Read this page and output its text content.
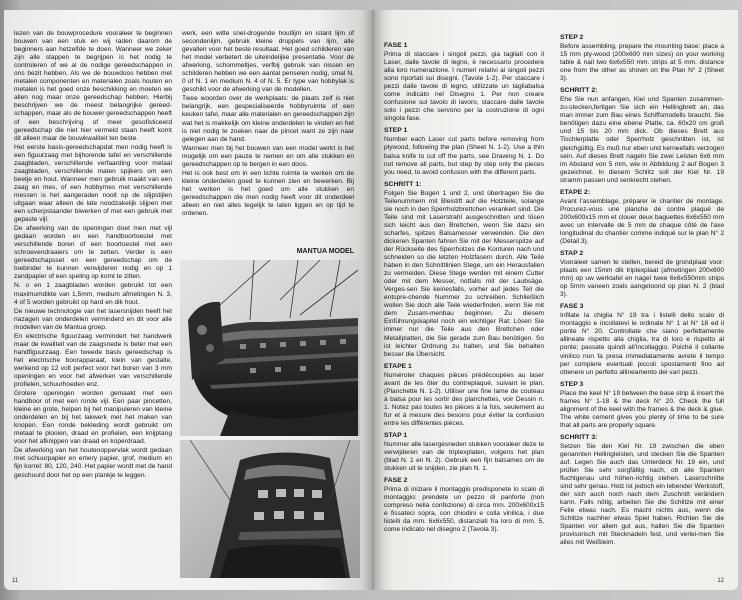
lezen van de bouwprocedure vooraleer te beginnen bouwen van een stuk en wij raden daarom de beginners aan hetzelfde te doen. Wanneer we zeker zijn alle stappen te begrijpen is het nodig te controleren of we al de nodige gereedschappen in ons bezit hebben. Als we de bouwdoos hebben met metalen componenten en materialen zoals houten en metalen is het goed onze beschikking en moeten we allen nog maar onze gereedschap hebben. Hierbij beschrijven we de meest belangrijke gereed-schappen, maar als de bouwer gereedschappen heeft of een beschrijving of meer gesofisticeerd gereedschap die niet hier vermeld staan heeft komt dit alleen maar de bouwkwaliteit ten beste.

Het eerste basis-gereedschapdat men nodig heeft is een figuurzaag met bijhorende tafel en verschillende zaagbladen, verschillende verfaarding voor metaal zaagbladen, verschillende maten spijkers om een beetje en hout. Wanneer men gebruik maakt van een zaag en mes, of een hobbymes met verschillende messen is het aangeraden nooit op de slijpstijlen uitgaan waar alleen de late noodzakelijk slijpen met een scherpstaander biwerken of met een gebruik met gepaste vijl.

De afwerking van de openingen doet men met vijl gedaan worden en een handboortoestel met verschillende boren of een boortoestel met een schroevendraaiers om te zetten. Verder is een gereedschapsset en een gereedschap om de toebinder te kunnen verwijderen nodig en op 1 zandpapier of een speling op komt te zitten.

N. o en 1 zaagbladen worden gebruikt tot een maximumdikte van 1,5mm, medium afmetingen N. 3, 4 of 5 worden gebruikt op hard en dik hout.

De nieuwe technologie van het lasersnijden heeft het nazagen van onderdelen verminderd en dit voor alle modellen van de Mantua groep.

En electrische figuurzaag vermindert het handwerk maar de kwaliteit van de zaagsnede is beter met een handfiguurzaag. Een tweede basis gereedschap is het electrische boorapparaat, klein van gestalte, werkend op 12 volt perfect voor het boren van 3 mm openingen en voor het afwerken van verschillende profielen, schuurhoeden enz.

Grotere openingen worden gemaakt met een handboor of met een ronde vijl. Een paar pincetten, kleine en grote, helpen bij het manipuleren van kleine onderdelen en bij het lakwerk met het maken van knopen. Een ronde bekleding wordt gebruikt om metaal te plooien, draad en profielen, een knijptang voor het afknippen van draad en koperdraad.

De afwerking van het houtenoppervlak wordt gedaan met schuurpapier en emery papier, grof, medium en fijn korrel: 80, 120, 240. Het papier wordt met de hand geschuurd door het op een plankje te leggen.

werk, een witte snel-drogende houtlijm en istant lijm of secondenlijm, gebruik kleine druppels van lijm, alle gevallen voor het beste resultaat. Het goed schilderen van het model verbetert de uiteindelijke presentatie. Voor de afwerking, schommeltjes, verfbij gebruik van nissen en schilderen hebben we een aantal penselen nodig, smal N. 0 of N. 1 en medium N. 4 of N. 5. Er type van hobbylak is geschikt voor de afwerking van de modellen.

Twee woorden over de werkplaats: de plaats zelf is niet belangrijk, een gespecialiseerde hobbyruimte of een keuken tafel, maar alle materialen en gereedschappen zijn wat het is makkelijk om kleine onderdelen te vinden en het is niet nodig te zoeken naar de pincet want ze zijn naar gelegen aan de hand.

Wanneer men bij het bouwen van een model werkt is het mogelijk om een pauze te nemen en om alle stukken en gereedschappen op te bergen in een doos.

Het is ook best om in een lichte ruimte te werken om de kleine onderdelen goed te kunnen zien en bewerken. Bij het werken is het goed om alle stukken en gereedschappen die men nodig heeft voor dit onderdeel alleen en niet alles tegelijk te laten liggen en op tijd te ordenen.

MANTUA MODEL
11
FASE 1

Prima di staccare i singoli pezzi, gia tagliati con il Laser, dalle tavole di legno, è necessario procedere alla loro numerazione. I numeri relativi ai singoli pezzi sono riportati sui disegni. (Tavole 1-2). Per staccare i pezzi dalle tavole di legno, utilizzate un tagliabalsa come indicato nel Disegno 1. Per non creare confusione sul tavolo di lavoro, staccare dalle tavole solo i pezzi che servono per la costruzione di ogni singola fase.

STEP 1

Number each Laser cut parts before removing from plywood, following the plan (Sheet N. 1-2). Use a thin balsa knife to cut off the parts, see Drawing N. 1. Do not remove all parts, but step by step only the pieces you need, to avoid confusion with the different parts.

SCHRITT 1:

Folgen Sie Bogen 1 und 2, und übertragen Sie die Teilenummern mit Bleistift auf die Holzteile, solange sie noch in den Sperrholzbrettchen verankert sind. Die Teile sind mit Laserstrahl ausgeschnitten und lösen sich leicht aus den Brettchen, wenn Sie dazu ein scharfes, spitzes Balsamesser verwenden. Die den dickeren Spanten fahren Sie mit der Messerspitze auf der Rückseite des Sperrholzes die Konturen nach und schneiden so die letzten Holzfasern durch. Alle Teile haben in den Schnittlinien Stege, um ein Herausfallen zu vermeiden. Diese Stege werden mit einem Cutter oder mit dem Messer, notfalls mit der Laubsäge. Verges-sen Sie keinesfalls, vorher auf jedes Teil die entspre-chende Nummer zu schreiben. Schließlich wollen Sie doch alle Teile wiederfinden, wenn Sie mit dem Zusam-menbau beginnen. Zu diesem Einführungskapitel noch ein wichtiger Rat: Lösen Sie immer nur die Teile aus den Brettchen oder Metallplatten, die Sie gerade zum Bau benötigen. So ist leichter Ordnung zu halten, und Sie behalten besser die Übersicht.

ETAPE 1

Numéroter chaques pièces prédécoupées au laser avant de les ôter du contreplaqué, suivant le plan, (Planchette N. 1-2). Utiliser une fine lame de couteau à balsa pour les sortir des planchettes, voir Dessin n. 1. Notez pas toutes les pièces à la fois, seulement au fur et à mesure des besoins pour éviter la confusion entre les différentes pièces.

STAP 1

Nummer alle lasergesneden stukken vooraleer deze te verwijderen van de triplexplaten, volgens het plan (blad N. 1 en N. 2). Gebruik een fijn balsames om de stukken uit te snijden, zie plan N. 1.

FASE 2

Prima di iniziare il montaggio predisponete lo scalo di montaggio: prendete un pezzo di panforte (non compreso nella confezione) di circa mm. 200x600x15 e fissateci sopra, con chiodini e colla vinilica, i due listelli da mm. 6x6x550, distanziati fra loro di mm. 5, come indicato nel disegno 2 (Tavola 3).

STEP 2

Before assembling, prepare the mounting base: place a 15 mm ply-wood (200x600 mm sizes) on your working table & nail two 6x6x550 mm. strips at 5 mm. distance one from the other as shown on the Plan N° 2 (Sheet 3).

SCHRITT 2:

Ehe Sie nun anfangen, Kiel und Spanten zusammen-zu-stecken,fertigen Sie sich ein Hellingbrett an, das man immer zum Bau eines Schiffsmodells braucht. Sie benötigen dazu eine ebene Platte, ca. 60x20 cm groß und 15 bis 20 mm dick. Ob dieses Brett aus Tischlerplatte oder Sperrholz geschnitten ist, ist gleichgültig. Es muß nur eben und kerneefalls verzogen sein. Auf dieses Brett nageln Sie zwei Leisten 6x6 mm im Abstand von 5 mm, wie in Abbildung 2 auf Bogen 3 gezeichnet. In diesem Schlitz soll der Kiel Nr. 19 stramm passen und senkrecht stehen.

ETAPE 2:

Avant l'assemblage, préparer le chantier de montage. Procurez-vous une planche de contre plaqué de 200x600x15 mm et clouer deux baguettes 6x6x550 mm avec un intervalle de 5 mm de chaque côté de l'axe longitudinal du chantier comme indiqué sur le plan N° 2 (Détail 3).

STAP 2

Vooraleer samen te stellen, bereid de grondplaat voor: plaats een 15mm dik triplexplaat (afmetingen 200x600 mm) op uw werktafel en nagel twee 6x6x550mm strips op 5mm vaneen zoals aangetoond op plan N. 2 (blad 3).

FASE 3

Infilate la chiglia N° 19 tra i listelli dello scalo di montaggio e incollatevi le ordinate N° 1 al N° 18 ed il ponte N° 20. Controllate che siano perfettamente allineate rispetto alla chiglia, tra di loro e rispetto al ponte; passate quindi all'incollaggio. Poiché il collante vinilico non fa presa immediatamente avrete il tempo per compiere eventuali piccoli spostamenti fino ad ottenere un perfetto allineamento dei vari pezzi.

STEP 3

Place the keel N° 19 between the base strip & insert the frames N° 1-18 & the deck N° 20. Check the full alignment of the keel with the frames & the deck & glue. The white cement gives you plenty of time to be sure that all parts are properly square.

SCHRITT 3:

Setzen Sie den Kiel Nr. 19 zwischen die eben genannten Hellingleisten, und stecken Sie die Spanten auf. Legen Sie auch das Unterdeck Nr. 19 ein, und prüfen Sie sehr sorgfältig nach, ob alle Spanten fluchtgenau und höhen-richtig stehen. Laserschnitte sind sehr genau. Holz ist jedoch ein lebender Werkstoff, der sich auch noch nach dem Zuschnitt verändern kann. Falls nötig, arbeiten Sie die Schlitze mit einer Feile etwas nach. Es macht nichts aus, wenn die Schlitze nachher etwas Spiel haben. Richten Sie die Spanten vor allem gut aus, halten Sie die Spanten provisorisch mit Stecknadeln fest, und verlei-men Sie alles mit Weißleim.

12
